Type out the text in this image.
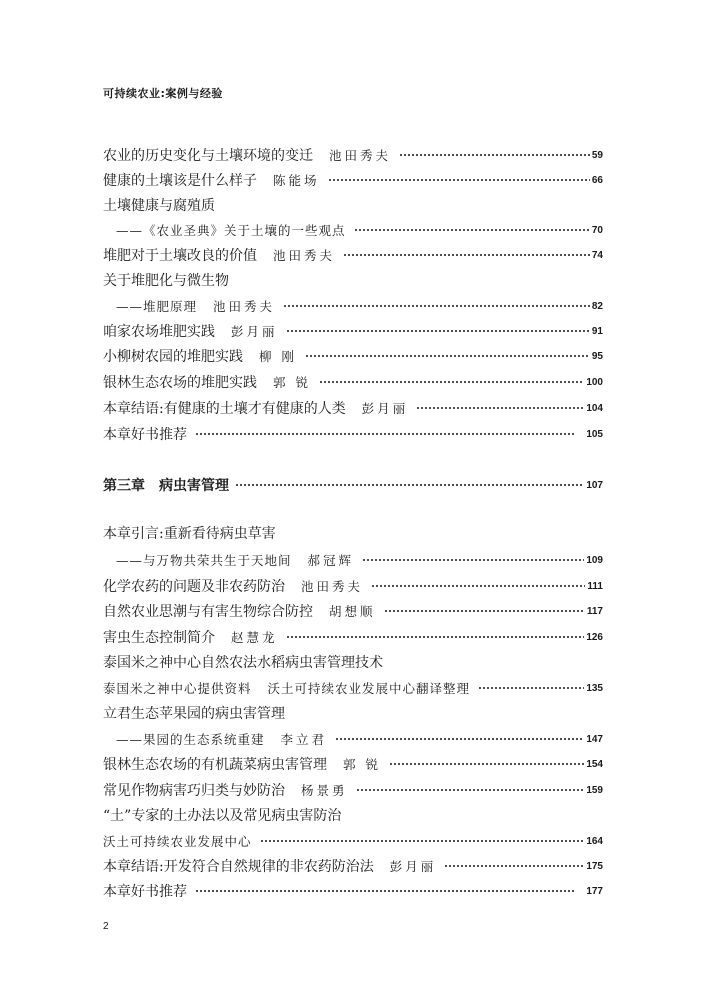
可持续农业:案例与经验
农业的历史变化与土壤环境的变迁 池田秀夫	59
健康的土壤该是什么样子 陈能场	66
土壤健康与腐殖质
——《农业圣典》关于土壤的一些观点	70
堆肥对于土壤改良的价值 池田秀夫	74
关于堆肥化与微生物
——堆肥原理 池田秀夫	82
咱家农场堆肥实践 彭月丽	91
小柳树农园的堆肥实践 柳 刚	95
银林生态农场的堆肥实践 郭 锐	100
本章结语:有健康的土壤才有健康的人类 彭月丽	104
本章好书推荐	105
第三章 病虫害管理	107
本章引言:重新看待病虫草害
——与万物共荣共生于天地间 郝冠辉	109
化学农药的问题及非农药防治 池田秀夫	111
自然农业思潮与有害生物综合防控 胡想顺	117
害虫生态控制简介 赵慧龙	126
泰国米之神中心自然农法水稻病虫害管理技术
泰国米之神中心提供资料 沃土可持续农业发展中心翻译整理	135
立君生态苹果园的病虫害管理
——果园的生态系统重建 李立君	147
银林生态农场的有机蔬菜病虫害管理 郭 锐	154
常见作物病害巧归类与妙防治 杨景勇	159
“土”专家的土办法以及常见病虫害防治
沃土可持续农业发展中心	164
本章结语:开发符合自然规律的非农药防治法 彭月丽	175
本章好书推荐	177
2
